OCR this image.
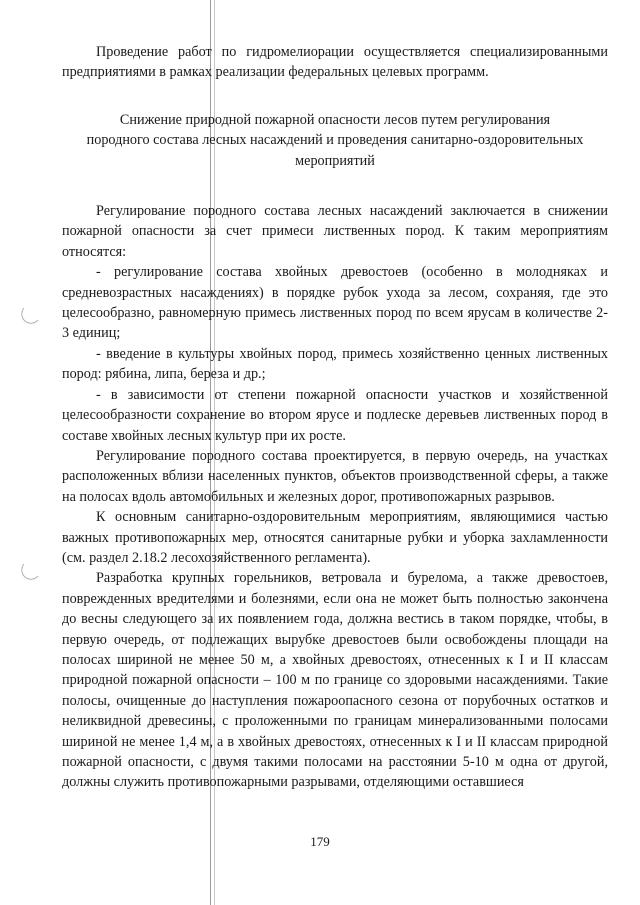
Проведение работ по гидромелиорации осуществляется специализированными предприятиями в рамках реализации федеральных целевых программ.

Снижение природной пожарной опасности лесов путем регулирования

породного состава лесных насаждений и проведения санитарно-оздоровительных

мероприятий

Регулирование породного состава лесных насаждений заключается в снижении пожарной опасности за счет примеси лиственных пород. К таким мероприятиям относятся:

- регулирование состава хвойных древостоев (особенно в молодняках и средневозрастных насаждениях) в порядке рубок ухода за лесом, сохраняя, где это целесообразно, равномерную примесь лиственных пород по всем ярусам в количестве 2-3 единиц;

- введение в культуры хвойных пород, примесь хозяйственно ценных лиственных пород: рябина, липа, береза и др.;

- в зависимости от степени пожарной опасности участков и хозяйственной целесообразности сохранение во втором ярусе и подлеске деревьев лиственных пород в составе хвойных лесных культур при их росте.

Регулирование породного состава проектируется, в первую очередь, на участках расположенных вблизи населенных пунктов, объектов производственной сферы, а также на полосах вдоль автомобильных и железных дорог, противопожарных разрывов.

К основным санитарно-оздоровительным мероприятиям, являющимися частью важных противопожарных мер, относятся санитарные рубки и уборка захламленности (см. раздел 2.18.2 лесохозяйственного регламента).

Разработка крупных горельников, ветровала и бурелома, а также древостоев, поврежденных вредителями и болезнями, если она не может быть полностью закончена до весны следующего за их появлением года, должна вестись в таком порядке, чтобы, в первую очередь, от подлежащих вырубке древостоев были освобождены площади на полосах шириной не менее 50 м, а хвойных древостоях, отнесенных к I и II классам природной пожарной опасности – 100 м по границе со здоровыми насаждениями. Такие полосы, очищенные до наступления пожароопасного сезона от порубочных остатков и неликвидной древесины, с проложенными по границам минерализованными полосами шириной не менее 1,4 м, а в хвойных древостоях, отнесенных к I и II классам природной пожарной опасности, с двумя такими полосами на расстоянии 5-10 м одна от другой, должны служить противопожарными разрывами, отделяющими оставшиеся

179
